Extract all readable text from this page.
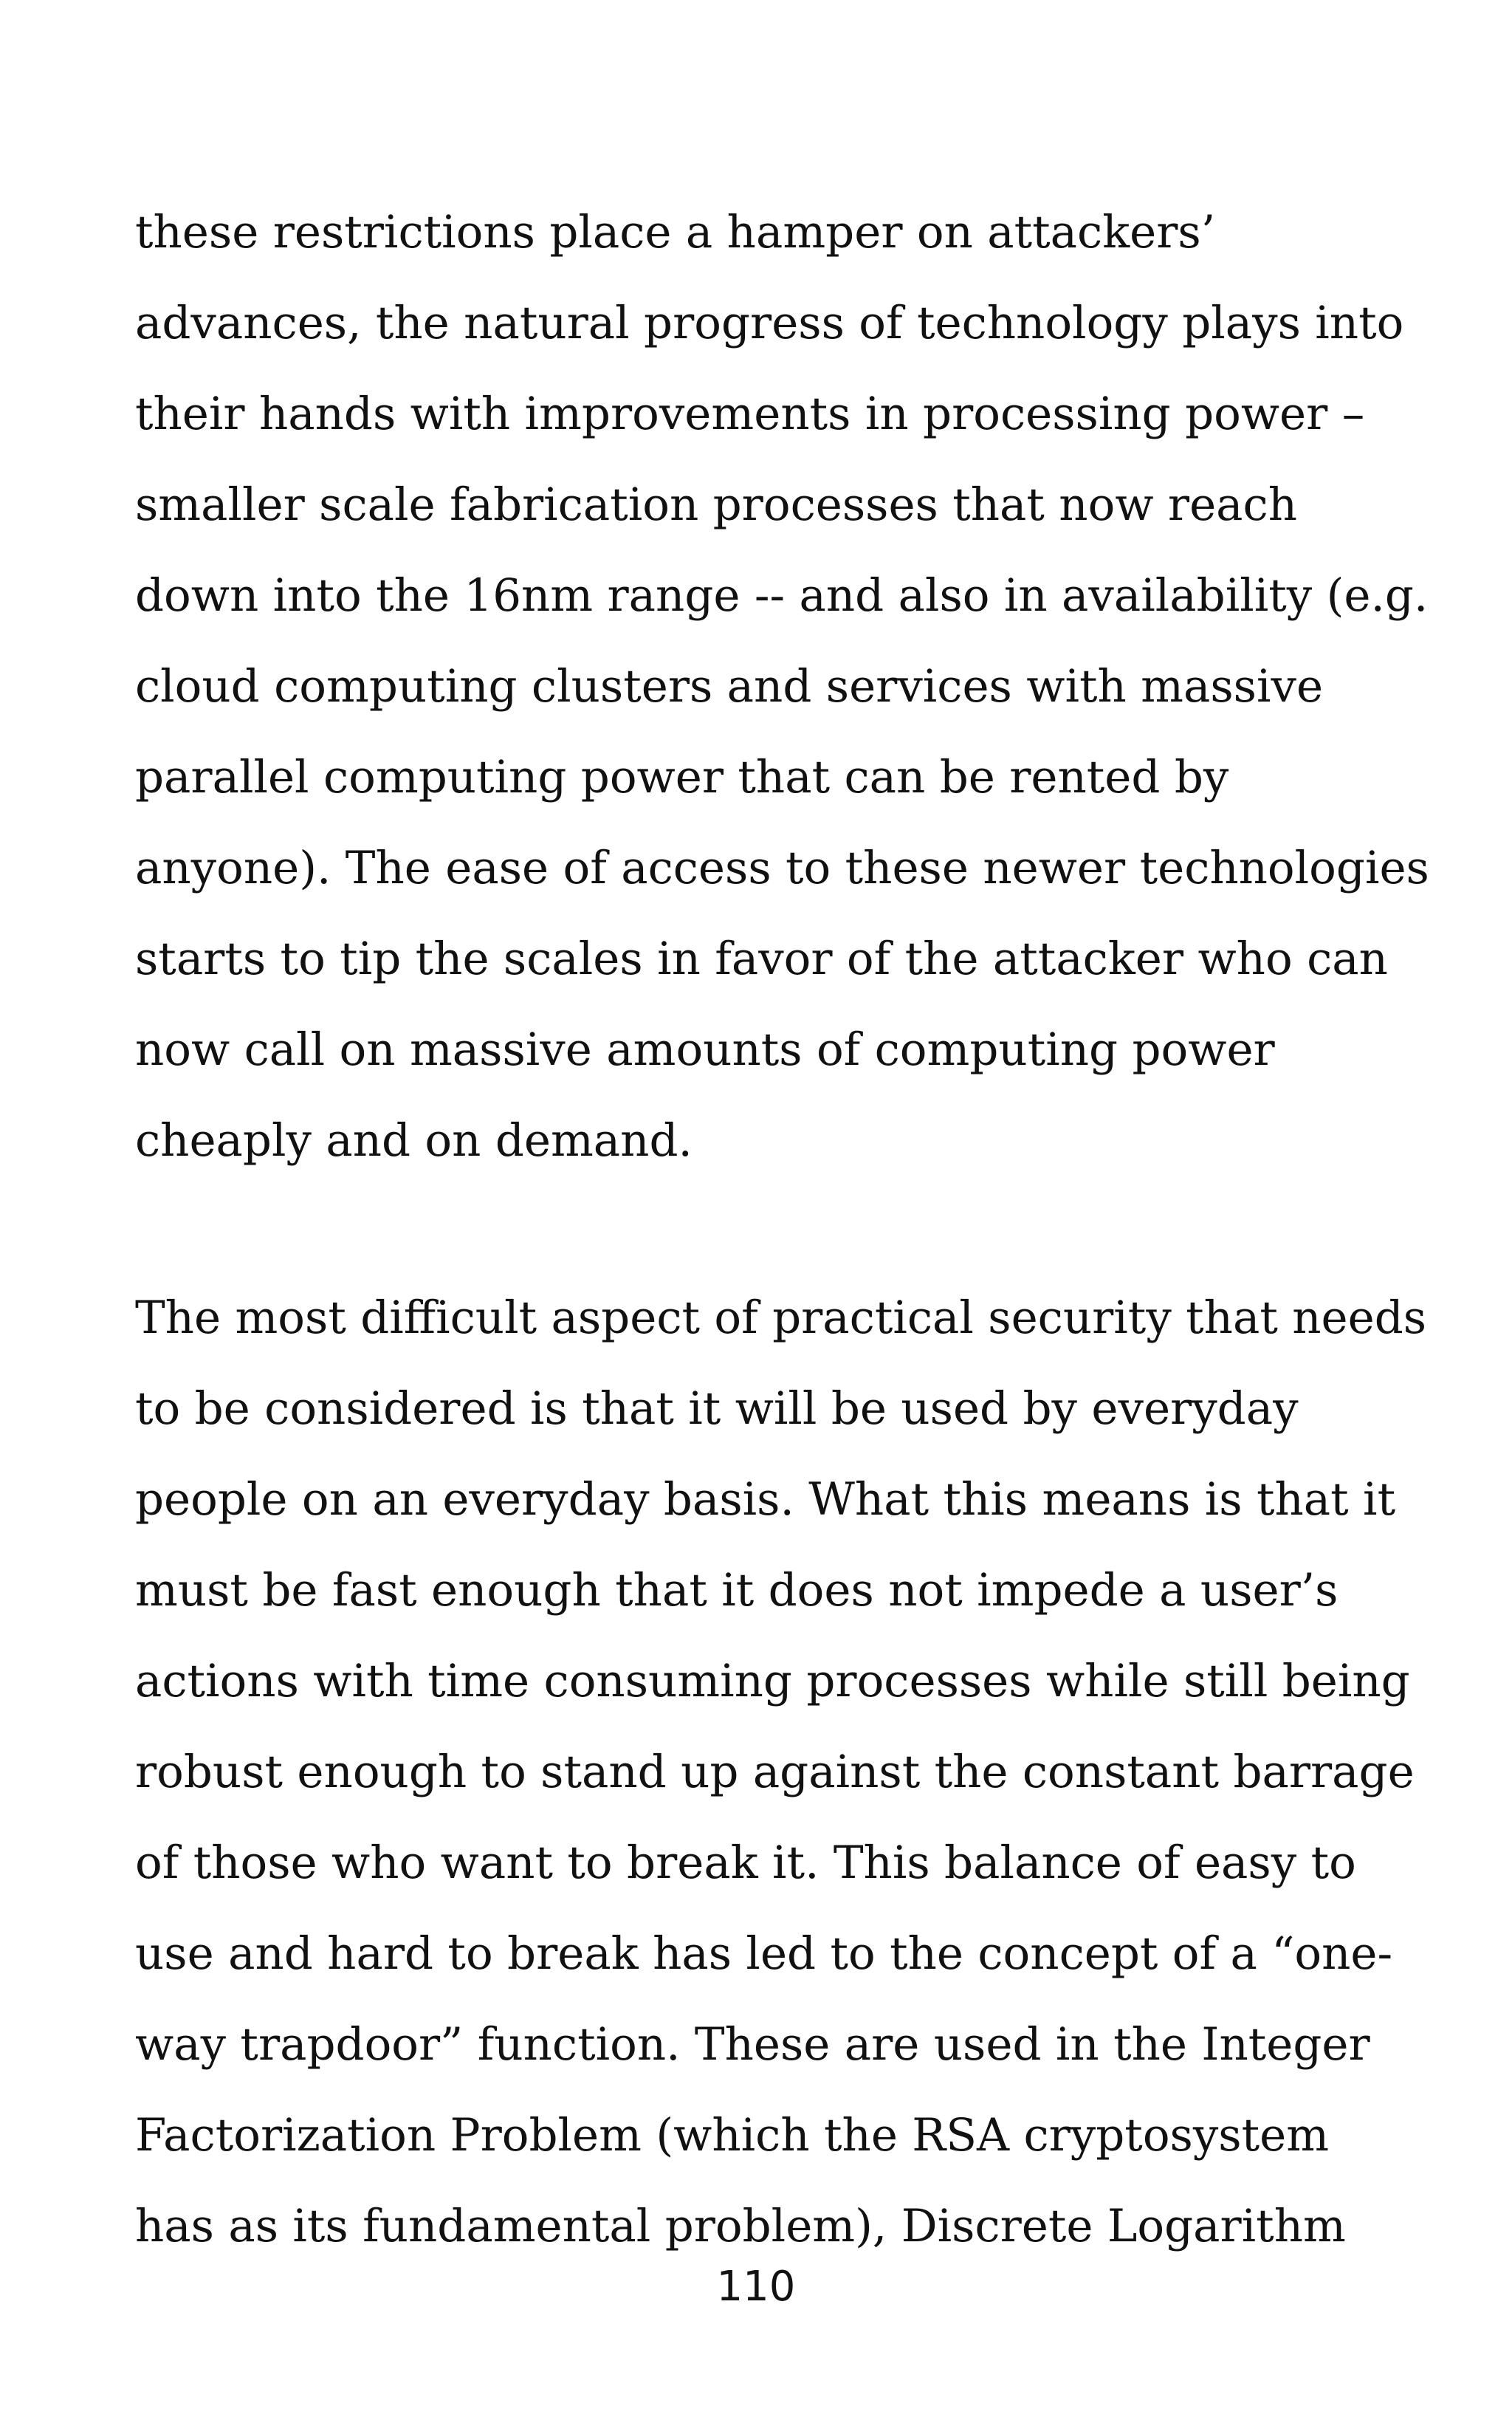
these restrictions place a hamper on attackers’
advances, the natural progress of technology plays into
their hands with improvements in processing power –
smaller scale fabrication processes that now reach
down into the 16nm range -- and also in availability (e.g.
cloud computing clusters and services with massive
parallel computing power that can be rented by
anyone). The ease of access to these newer technologies
starts to tip the scales in favor of the attacker who can
now call on massive amounts of computing power
cheaply and on demand.
The most difficult aspect of practical security that needs
to be considered is that it will be used by everyday
people on an everyday basis. What this means is that it
must be fast enough that it does not impede a user’s
actions with time consuming processes while still being
robust enough to stand up against the constant barrage
of those who want to break it. This balance of easy to
use and hard to break has led to the concept of a “one-
way trapdoor” function. These are used in the Integer
Factorization Problem (which the RSA cryptosystem
has as its fundamental problem), Discrete Logarithm
110
